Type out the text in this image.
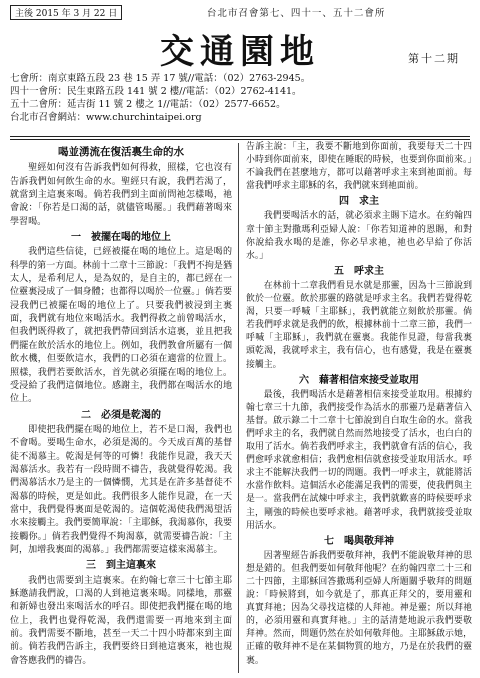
主後 2015 年 3 月 22 日	台北市召會第七、四十一、五十二會所
交通園地	第十二期
七會所：南京東路五段 23 巷 15 弄 17 號//電話：（02）2763-2945。
四十一會所：民生東路五段 141 號 2 樓//電話：（02）2762-4141。
五十二會所：延吉街 11 號 2 樓之 1//電話：（02）2577-6652。
台北市召會網站：www.churchintaipei.org
喝並湧流在復活裏生命的水

聖經如何沒有告訴我們如何得救，照樣，它也沒有告訴我們如何飲生命的水。聖經只有說，我們若渴了，就當到主這裏來喝。倘若我們到主面前問祂怎樣喝，祂會說：「你若是口渴的話，就儘管喝罷。」我們藉著喝來學習喝。

一　被擺在喝的地位上

我們這些信徒，已經被擺在喝的地位上。這是喝的科學的第一方面。林前十二章十三節說：「我們不拘是猶太人，是希利尼人，是為奴的，是自主的，都已經在一位靈裏浸成了一個身體；也都得以喝於一位靈。」倘若要浸我們已被擺在喝的地位上了。只要我們被浸到主裏面，我們就有地位來喝活水。我們得救之前曾喝活水，但我們既得救了，就把我們帶回到活水這裏，並且把我們擺在飲於活水的地位上。例如，我們教會所屬有一個飲水機，但要飲這水，我們的口必須在適當的位置上。照樣，我們若要飲活水，首先就必須擺在喝的地位上。受浸給了我們這個地位。感謝主，我們都在喝活水的地位上。

二　必須是乾渴的

即使把我們擺在喝的地位上，若不是口渴，我們也不會喝。要喝生命水，必須是渴的。今天成百萬的基督徒不渴慕主。乾渴是何等的可憐！我能作見證，我天天渴慕活水。我若有一段時間不禱告，我就覺得乾渴。我們渴慕活水乃是主的一個憐憫，尤其是在許多基督徒不渴慕的時候，更是如此。我們很多人能作見證，在一天當中，我們覺得裏面是乾渴的。這個乾渴使我們渴望活水來接觸主。我們要簡單說：「主耶穌，我渴慕你，我要接觸你。」倘若我們覺得不夠渴慕，就需要禱告說：「主阿，加增我裏面的渴慕。」我們都需要這樣來渴慕主。

三　到主這裏來

我們也需要到主這裏來。在約翰七章三十七節主耶穌邀請我們說，口渴的人到祂這裏來喝。同樣地，那靈和新婦也發出來喝活水的呼召。即使把我們擺在喝的地位上，我們也覺得乾渴，我們還需要一再地來到主面前。我們需要不斷地，甚至一天二十四小時都來到主面前。倘若我們告訴主，我們要終日到祂這裏來，祂也規會答應我們的禱告。

告訴主說：「主，我要不斷地到你面前，我要每天二十四小時到你面前來，即使在睡眠的時候，也要到你面前來。」不論我們在甚麼地方，都可以藉著呼求主來到祂面前。每當我們呼求主耶穌的名，我們就來到祂面前。

四　求主

我們要喝活水的話，就必須求主賜下這水。在約翰四章十節主對撒瑪利亞婦人說：「你若知道神的恩賜，和對你說給我水喝的是誰，你必早求祂，祂也必早給了你活水。」

五　呼求主

在林前十二章我們看見水就是那靈，因為十三節說到飲於一位靈。飲於那靈的路就是呼求主名。我們若覺得乾渴，只要一呼喊「主耶穌」，我們就能立刻飲於那靈。倘若我們呼求就是我們的飲，根據林前十二章三節，我們一呼喊「主耶穌」，我們就在靈裏。我能作見證，每當我裏頭乾渴，我就呼求主，我有信心，也有感覺，我是在靈裏接觸主。

六　藉著相信來接受並取用

最後，我們喝活水是藉著相信來接受並取用。根據約翰七章三十九節，我們接受作為活水的那靈乃是藉著信入基督。啟示錄二十二章十七節說到自白取生命的水。當我們呼求主的名，我們就自然而然地接受了活水，也白白的取用了活水。倘若我們呼求主，我們就會有活的信心，我們愈呼求就愈相信；我們愈相信就愈接受並取用活水。呼求主不能解決我們一切的問題。我們一呼求主，就能將活水當作飲料。這個活水必能滿足我們的需要，使我們與主是一。當我們在試煉中呼求主，我們就歡喜的時候要呼求主，剛強的時候也要呼求祂。藉著呼求，我們就接受並取用活水。

七　喝與敬拜神

因著聖經告訴我們要敬拜神，我們不能說敬拜神的思想是錯的。但我們要如何敬拜他呢？在約翰四章二十三和二十四節，主耶穌回答撒瑪利亞婦人所題關乎敬拜的問題說：「時候將到，如今就是了，那真正拜父的，要用靈和真實拜祂；因為父尋找這樣的人拜祂。神是靈；所以拜祂的，必須用靈和真實拜祂。」主的話清楚地說示我們要敬拜神。然而，問題仍然在於如何敬拜他。主耶穌啟示她，正確的敬拜神不是在某個物質的地方，乃是在於我們的靈裏。
